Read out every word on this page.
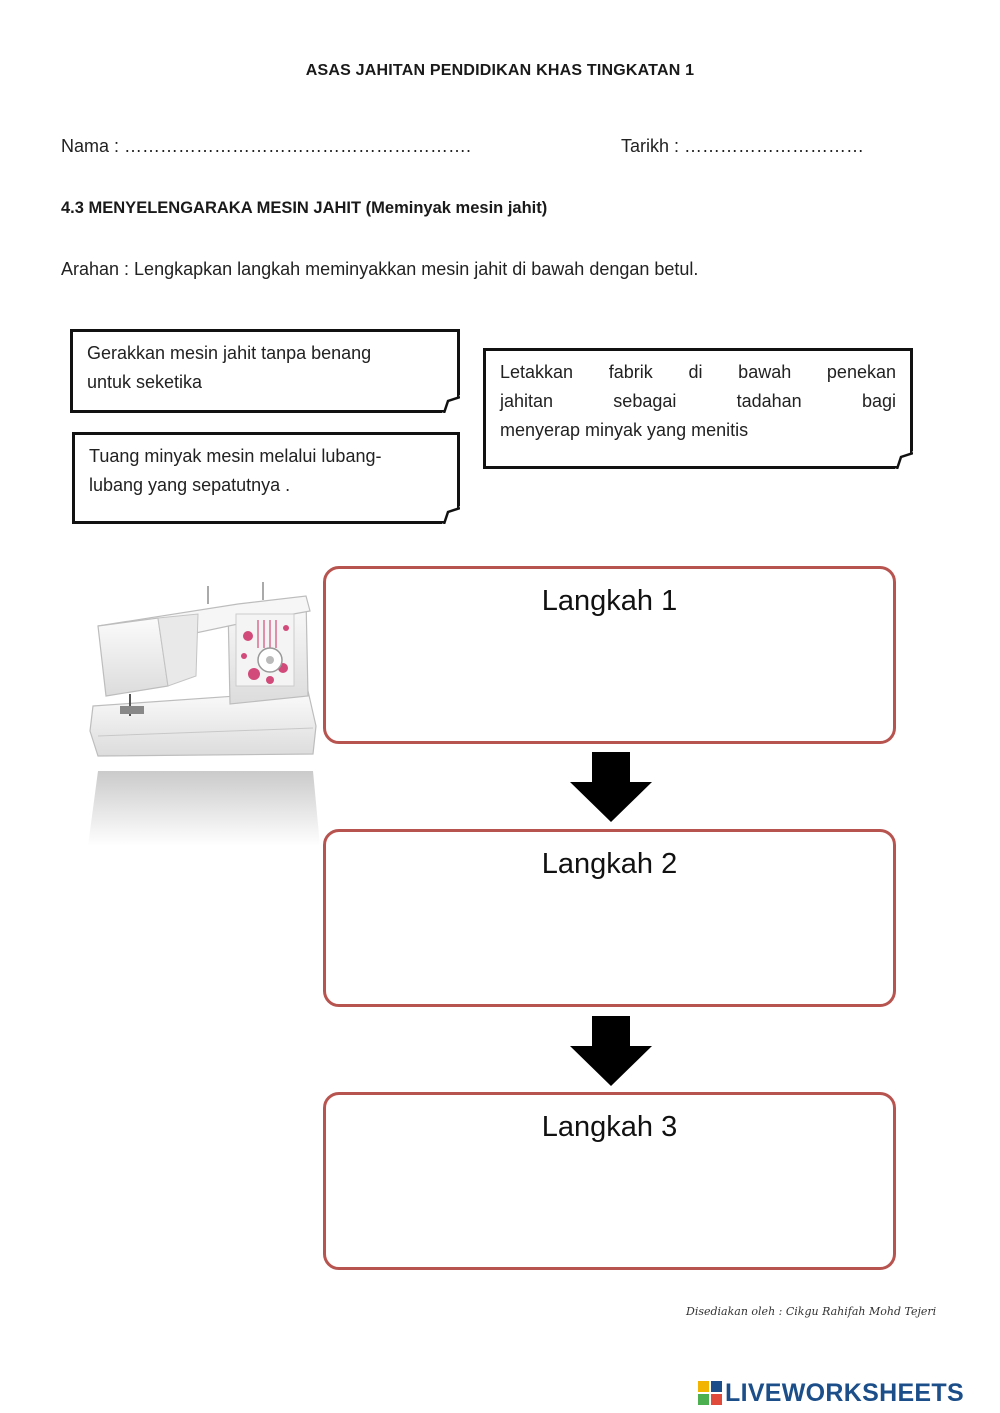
ASAS JAHITAN PENDIDIKAN KHAS TINGKATAN 1
Nama : ………………………………………………….	Tarikh : …………………………
4.3 MENYELENGARAKA MESIN JAHIT (Meminyak mesin jahit)
Arahan : Lengkapkan langkah meminyakkan mesin jahit di bawah dengan betul.
Gerakkan mesin jahit tanpa benang
untuk seketika
Tuang minyak mesin melalui lubang-
lubang yang sepatutnya .
Letakkan fabrik di bawah penekan
jahitan sebagai tadahan bagi
menyerap minyak yang menitis
Langkah 1
Langkah 2
Langkah 3
Disediakan oleh : Cikgu Rahifah Mohd Tejeri
LIVEWORKSHEETS
